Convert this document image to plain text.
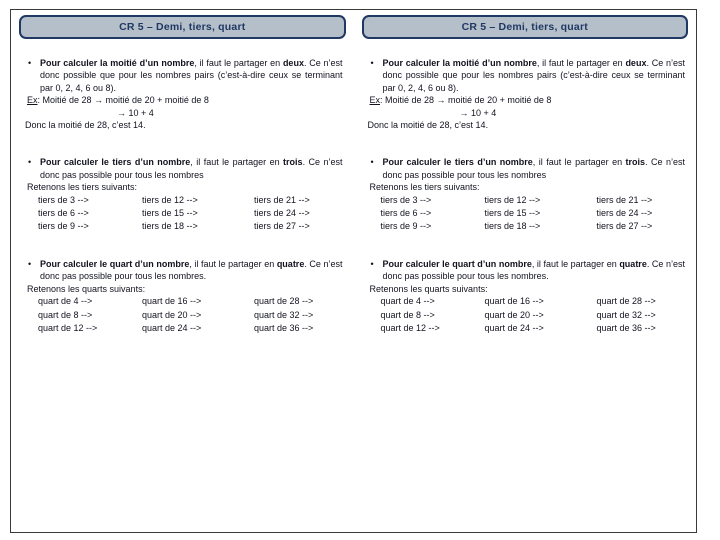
CR 5 – Demi, tiers, quart

• Pour calculer la moitié d’un nombre, il faut le partager en deux. Ce n’est donc possible que pour les nombres pairs (c’est-à-dire ceux se terminant par 0, 2, 4, 6 ou 8).

Ex: Moitié de 28 → moitié de 20 + moitié de 8

→ 10 + 4

Donc la moitié de 28, c’est 14.

• Pour calculer le tiers d’un nombre, il faut le partager en trois. Ce n’est donc pas possible pour tous les nombres

Retenons les tiers suivants:

tiers de 3 -->	tiers de 12 -->	tiers de 21 -->
tiers de 6 -->	tiers de 15 -->	tiers de 24 -->
tiers de 9 -->	tiers de 18 -->	tiers de 27 -->

• Pour calculer le quart d’un nombre, il faut le partager en quatre. Ce n’est donc pas possible pour tous les nombres.

Retenons les quarts suivants:

quart de 4 -->	quart de 16 -->	quart de 28 -->
quart de 8 -->	quart de 20 -->	quart de 32 -->
quart de 12 -->	quart de 24 -->	quart de 36 -->
CR 5 – Demi, tiers, quart

• Pour calculer la moitié d’un nombre, il faut le partager en deux. Ce n’est donc possible que pour les nombres pairs (c’est-à-dire ceux se terminant par 0, 2, 4, 6 ou 8).

Ex: Moitié de 28 → moitié de 20 + moitié de 8

→ 10 + 4

Donc la moitié de 28, c’est 14.

• Pour calculer le tiers d’un nombre, il faut le partager en trois. Ce n’est donc pas possible pour tous les nombres

Retenons les tiers suivants:

tiers de 3 -->	tiers de 12 -->	tiers de 21 -->
tiers de 6 -->	tiers de 15 -->	tiers de 24 -->
tiers de 9 -->	tiers de 18 -->	tiers de 27 -->

• Pour calculer le quart d’un nombre, il faut le partager en quatre. Ce n’est donc pas possible pour tous les nombres.

Retenons les quarts suivants:

quart de 4 -->	quart de 16 -->	quart de 28 -->
quart de 8 -->	quart de 20 -->	quart de 32 -->
quart de 12 -->	quart de 24 -->	quart de 36 -->
